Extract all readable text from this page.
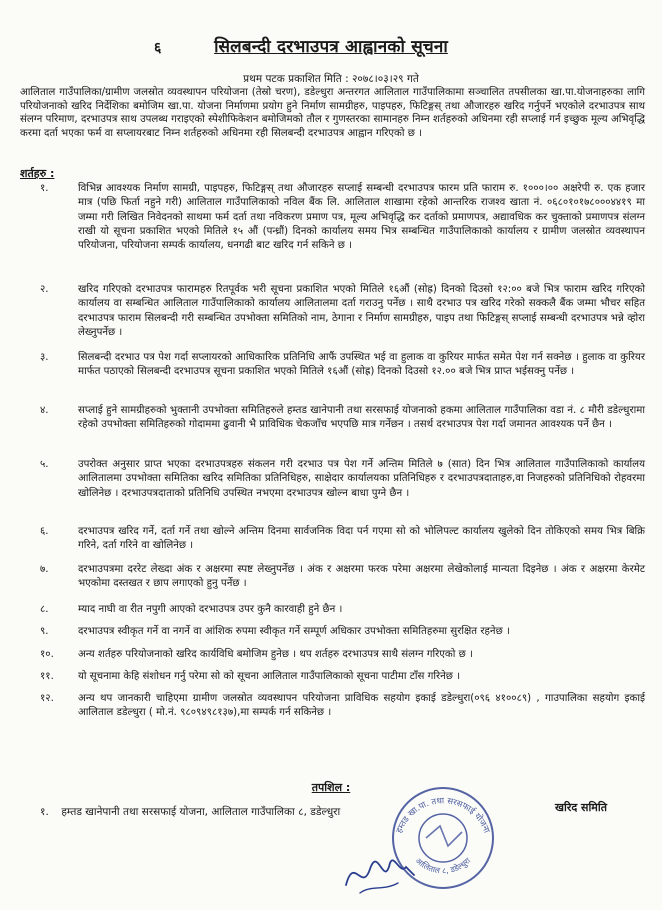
६	सिलबन्दी दरभाउपत्र आह्वानको सूचना
प्रथम पटक प्रकाशित मिति : २०७८।०३।२९ गते
आलिताल गाउँपालिका/ग्रामीण जलस्रोत व्यवस्थापन परियोजना (तेस्रो चरण), डडेल्धुरा अन्तरगत आलिताल गाउँपालिकामा सञ्चालित तपसीलका खा.पा.योजनाहरुका लागि परियोजनाको खरिद निर्देशिका बमोजिम खा.पा. योजना निर्माणमा प्रयोग हुने निर्माण सामग्रीहरु, पाइपहरु, फिटिङ्गस् तथा औजारहरु खरिद गर्नुपर्ने भएकोले दरभाउपत्र साथ संलग्न परिमाण, दरभाउपत्र साथ उपलब्ध गराइएको स्पेशीफिकेशन बमोजिमको तौल र गुणस्तरका सामानहरु निम्न शर्तहरुको अधिनमा रही सप्लाई गर्न इच्छुक मूल्य अभिवृद्धि करमा दर्ता भएका फर्म वा सप्लायरबाट निम्न शर्तहरुको अधिनमा रही सिलबन्दी दरभाउपत्र आह्वान गरिएको छ ।
शर्तहरु :
१.	विभिन्न आवश्यक निर्माण सामग्री, पाइपहरु, फिटिङ्गस् तथा औजारहरु सप्लाई सम्बन्धी दरभाउपत्र फारम प्रति फाराम रु. १०००।०० अक्षरेपी रु. एक हजार मात्र (पछि फिर्ता नहुने गरी) आलिताल गाउँपालिकाको नविल बैंक लि. आलिताल शाखामा रहेको आन्तरिक राजश्व खाता नं. ०६८०१०१७८०००४४१९ मा जम्मा गरी लिखित निवेदनको साथमा फर्म दर्ता तथा नविकरण प्रमाण पत्र, मूल्य अभिवृद्धि कर दर्ताको प्रमाणपत्र, अद्यावधिक कर चुक्ताको प्रमाणपत्र संलग्न राखी यो सूचना प्रकाशित भएको मितिले १५ औं (पन्ध्रौं) दिनको कार्यालय समय भित्र सम्बन्धित गाउँपालिकाको कार्यालय र ग्रामीण जलस्रोत व्यवस्थापन परियोजना, परियोजना सम्पर्क कार्यालय, धनगढी बाट खरिद गर्न सकिने छ ।
२.	खरिद गरिएको दरभाउपत्र फारामहरु रितपूर्वक भरी सूचना प्रकाशित भएको मितिले १६औं (सोह्र) दिनको दिउसो १२:०० बजे भित्र फाराम खरिद गरिएको कार्यालय वा सम्बन्धित आलिताल गाउँपालिकाको कार्यालय आलितालमा दर्ता गराउनु पर्नेछ । साथै दरभाउ पत्र खरिद गरेको सक्कलै बैंक जम्मा भौचर सहित दरभाउपत्र फाराम सिलबन्दी गरी सम्बन्धित उपभोक्ता समितिको नाम, ठेगाना र निर्माण सामग्रीहरु, पाइप तथा फिटिङ्गस् सप्लाई सम्बन्धी दरभाउपत्र भन्ने व्होरा लेख्नुपर्नेछ ।
३.	सिलबन्दी दरभाउ पत्र पेश गर्दा सप्लायरको आधिकारिक प्रतिनिधि आफैं उपस्थित भई वा हुलाक वा कुरियर मार्फत समेत पेश गर्न सक्नेछ । हुलाक वा कुरियर मार्फत पठाएको सिलबन्दी दरभाउपत्र सूचना प्रकाशित भएको मितिले १६औं (सोह्र) दिनको दिउसो १२.०० बजे भित्र प्राप्त भईसक्नु पर्नेछ ।
४.	सप्लाई हुने सामग्रीहरुको भुक्तानी उपभोक्ता समितिहरुले हम्तड खानेपानी तथा सरसफाई योजनाको हकमा आलिताल गाउँपालिका वडा नं. ८ मौरी डडेल्धुरामा रहेको उपभोक्ता समितिहरुको गोदाममा ढुवानी भै प्राविधिक चेकजाँच भएपछि मात्र गर्नेछन । तसर्थ दरभाउपत्र पेश गर्दा जमानत आवश्यक पर्ने छैन ।
५.	उपरोक्त अनुसार प्राप्त भएका दरभाउपत्रहरु संकलन गरी दरभाउ पत्र पेश गर्ने अन्तिम मितिले ७ (सात) दिन भित्र आलिताल गाउँपालिकाको कार्यालय आलितालमा उपभोक्ता समितिका खरिद समितिका प्रतिनिधिहरु, साक्षेदार कार्यालयका प्रतिनिधिहरु र दरभाउपत्रदाताहरु,वा निजहरुको प्रतिनिधिको रोहवरमा खोलिनेछ । दरभाउपत्रदाताको प्रतिनिधि उपस्थित नभएमा दरभाउपत्र खोल्न बाधा पुग्ने छैन ।
६.	दरभाउपत्र खरिद गर्ने, दर्ता गर्ने तथा खोल्ने अन्तिम दिनमा सार्वजनिक विदा पर्न गएमा सो को भोलिपल्ट कार्यालय खुलेको दिन तोकिएको समय भित्र बिक्रि गरिने, दर्ता गरिने वा खोलिनेछ ।
७.	दरभाउपत्रमा दररेट लेख्दा अंक र अक्षरमा स्पष्ट लेख्नुपर्नेछ । अंक र अक्षरमा फरक परेमा अक्षरमा लेखेकोलाई मान्यता दिइनेछ । अंक र अक्षरमा केरमेट भएकोमा दस्तखत र छाप लगाएको हुनु पर्नेछ ।
८.	म्याद नाघी वा रीत नपुगी आएको दरभाउपत्र उपर कुनै कारवाही हुने छैन ।
९.	दरभाउपत्र स्वीकृत गर्ने वा नगर्ने वा आंशिक रुपमा स्वीकृत गर्ने सम्पूर्ण अधिकार उपभोक्ता समितिहरुमा सुरक्षित रहनेछ ।
१०. अन्य शर्तहरु परियोजनाको खरिद कार्यविधि बमोजिम हुनेछ । थप शर्तहरु दरभाउपत्र साथै संलग्न गरिएको छ ।
११. यो सूचनामा केहि संशोधन गर्नु परेमा सो को सूचना आलिताल गाउँपालिकाको सूचना पाटीमा टाँस गरिनेछ ।
१२. अन्य थप जानकारी चाहिएमा ग्रामीण जलस्रोत व्यवस्थापन परियोजना प्राविधिक सहयोग इकाई डडेल्धुरा(०९६ ४१००८९) , गाउपालिका सहयोग इकाई आलिताल डडेल्धुरा ( मो.नं. ९८०९४९८१३७),मा सम्पर्क गर्न सकिनेछ ।
तपशिल :
१. हम्तड खानेपानी तथा सरसफाई योजना, आलिताल गाउँपालिका ८, डडेल्धुरा
हम्तड खा.पा. तथा सरसफाई योजना
आलिताल ८, डडेल्धुरा
खरिद समिति
